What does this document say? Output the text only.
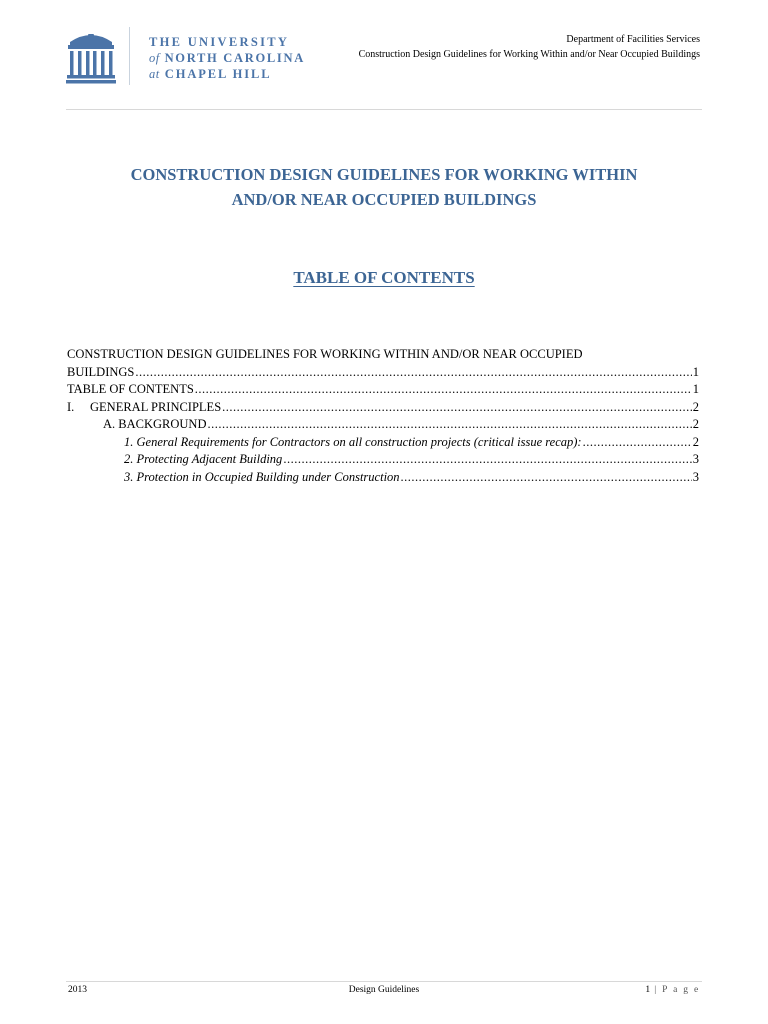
THE UNIVERSITY
of NORTH CAROLINA
at CHAPEL HILL
Department of Facilities Services
Construction Design Guidelines for Working Within and/or Near Occupied Buildings
CONSTRUCTION DESIGN GUIDELINES FOR WORKING WITHIN
AND/OR NEAR OCCUPIED BUILDINGS
TABLE OF CONTENTS
CONSTRUCTION DESIGN GUIDELINES FOR WORKING WITHIN AND/OR NEAR OCCUPIED
BUILDINGS .....	1
TABLE OF CONTENTS .....	1
I. GENERAL PRINCIPLES .....	2
A. BACKGROUND .....	2
1. General Requirements for Contractors on all construction projects (critical issue recap): .....	2
2. Protecting Adjacent Building .....	3
3. Protection in Occupied Building under Construction .....	3
2013	Design Guidelines	1 | P a g e
